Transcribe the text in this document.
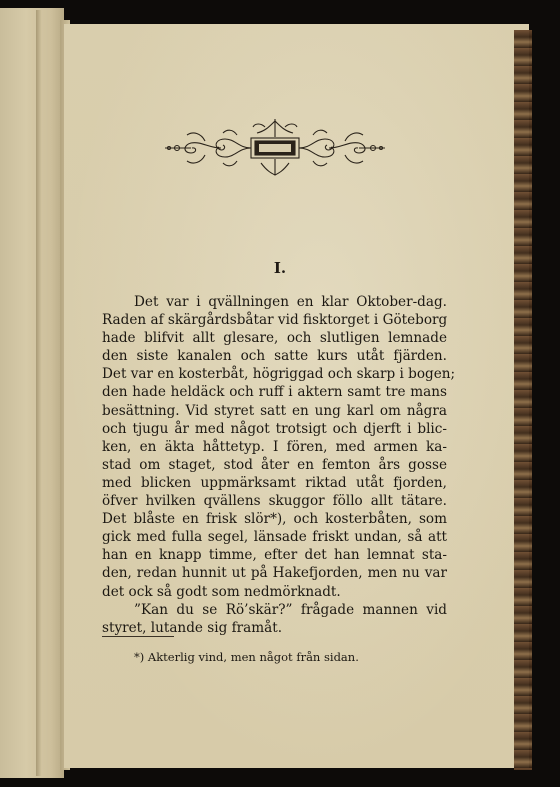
I.
Det var i qvällningen en klar Oktober-dag.
Raden af skärgårdsbåtar vid fisktorget i Göteborg
hade blifvit allt glesare, och slutligen lemnade
den siste kanalen och satte kurs utåt fjärden.
Det var en kosterbåt, högriggad och skarp i bogen;
den hade heldäck och ruff i aktern samt tre mans
besättning. Vid styret satt en ung karl om några
och tjugu år med något trotsigt och djerft i blic-
ken, en äkta håttetyp. I fören, med armen ka-
stad om staget, stod åter en femton års gosse
med blicken uppmärksamt riktad utåt fjorden,
öfver hvilken qvällens skuggor föllo allt tätare.
Det blåste en frisk slör*), och kosterbåten, som
gick med fulla segel, länsade friskt undan, så att
han en knapp timme, efter det han lemnat sta-
den, redan hunnit ut på Hakefjorden, men nu var
det ock så godt som nedmörknadt.
”Kan du se Rö’skär?” frågade mannen vid
styret, lutande sig framåt.
*) Akterlig vind, men något från sidan.
